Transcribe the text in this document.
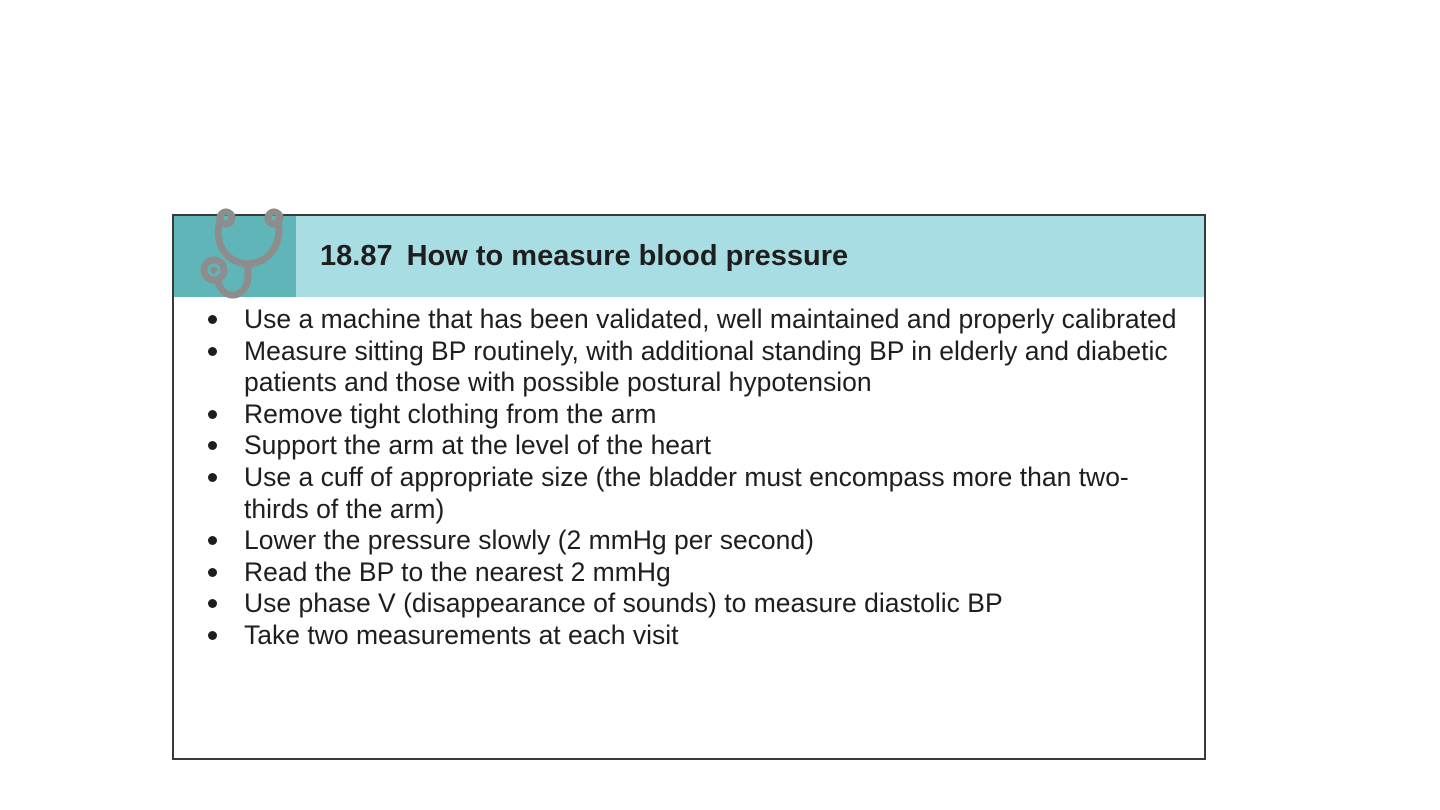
18.87 How to measure blood pressure
Use a machine that has been validated, well maintained and properly calibrated
Measure sitting BP routinely, with additional standing BP in elderly and diabetic patients and those with possible postural hypotension
Remove tight clothing from the arm
Support the arm at the level of the heart
Use a cuff of appropriate size (the bladder must encompass more than two-thirds of the arm)
Lower the pressure slowly (2 mmHg per second)
Read the BP to the nearest 2 mmHg
Use phase V (disappearance of sounds) to measure diastolic BP
Take two measurements at each visit
